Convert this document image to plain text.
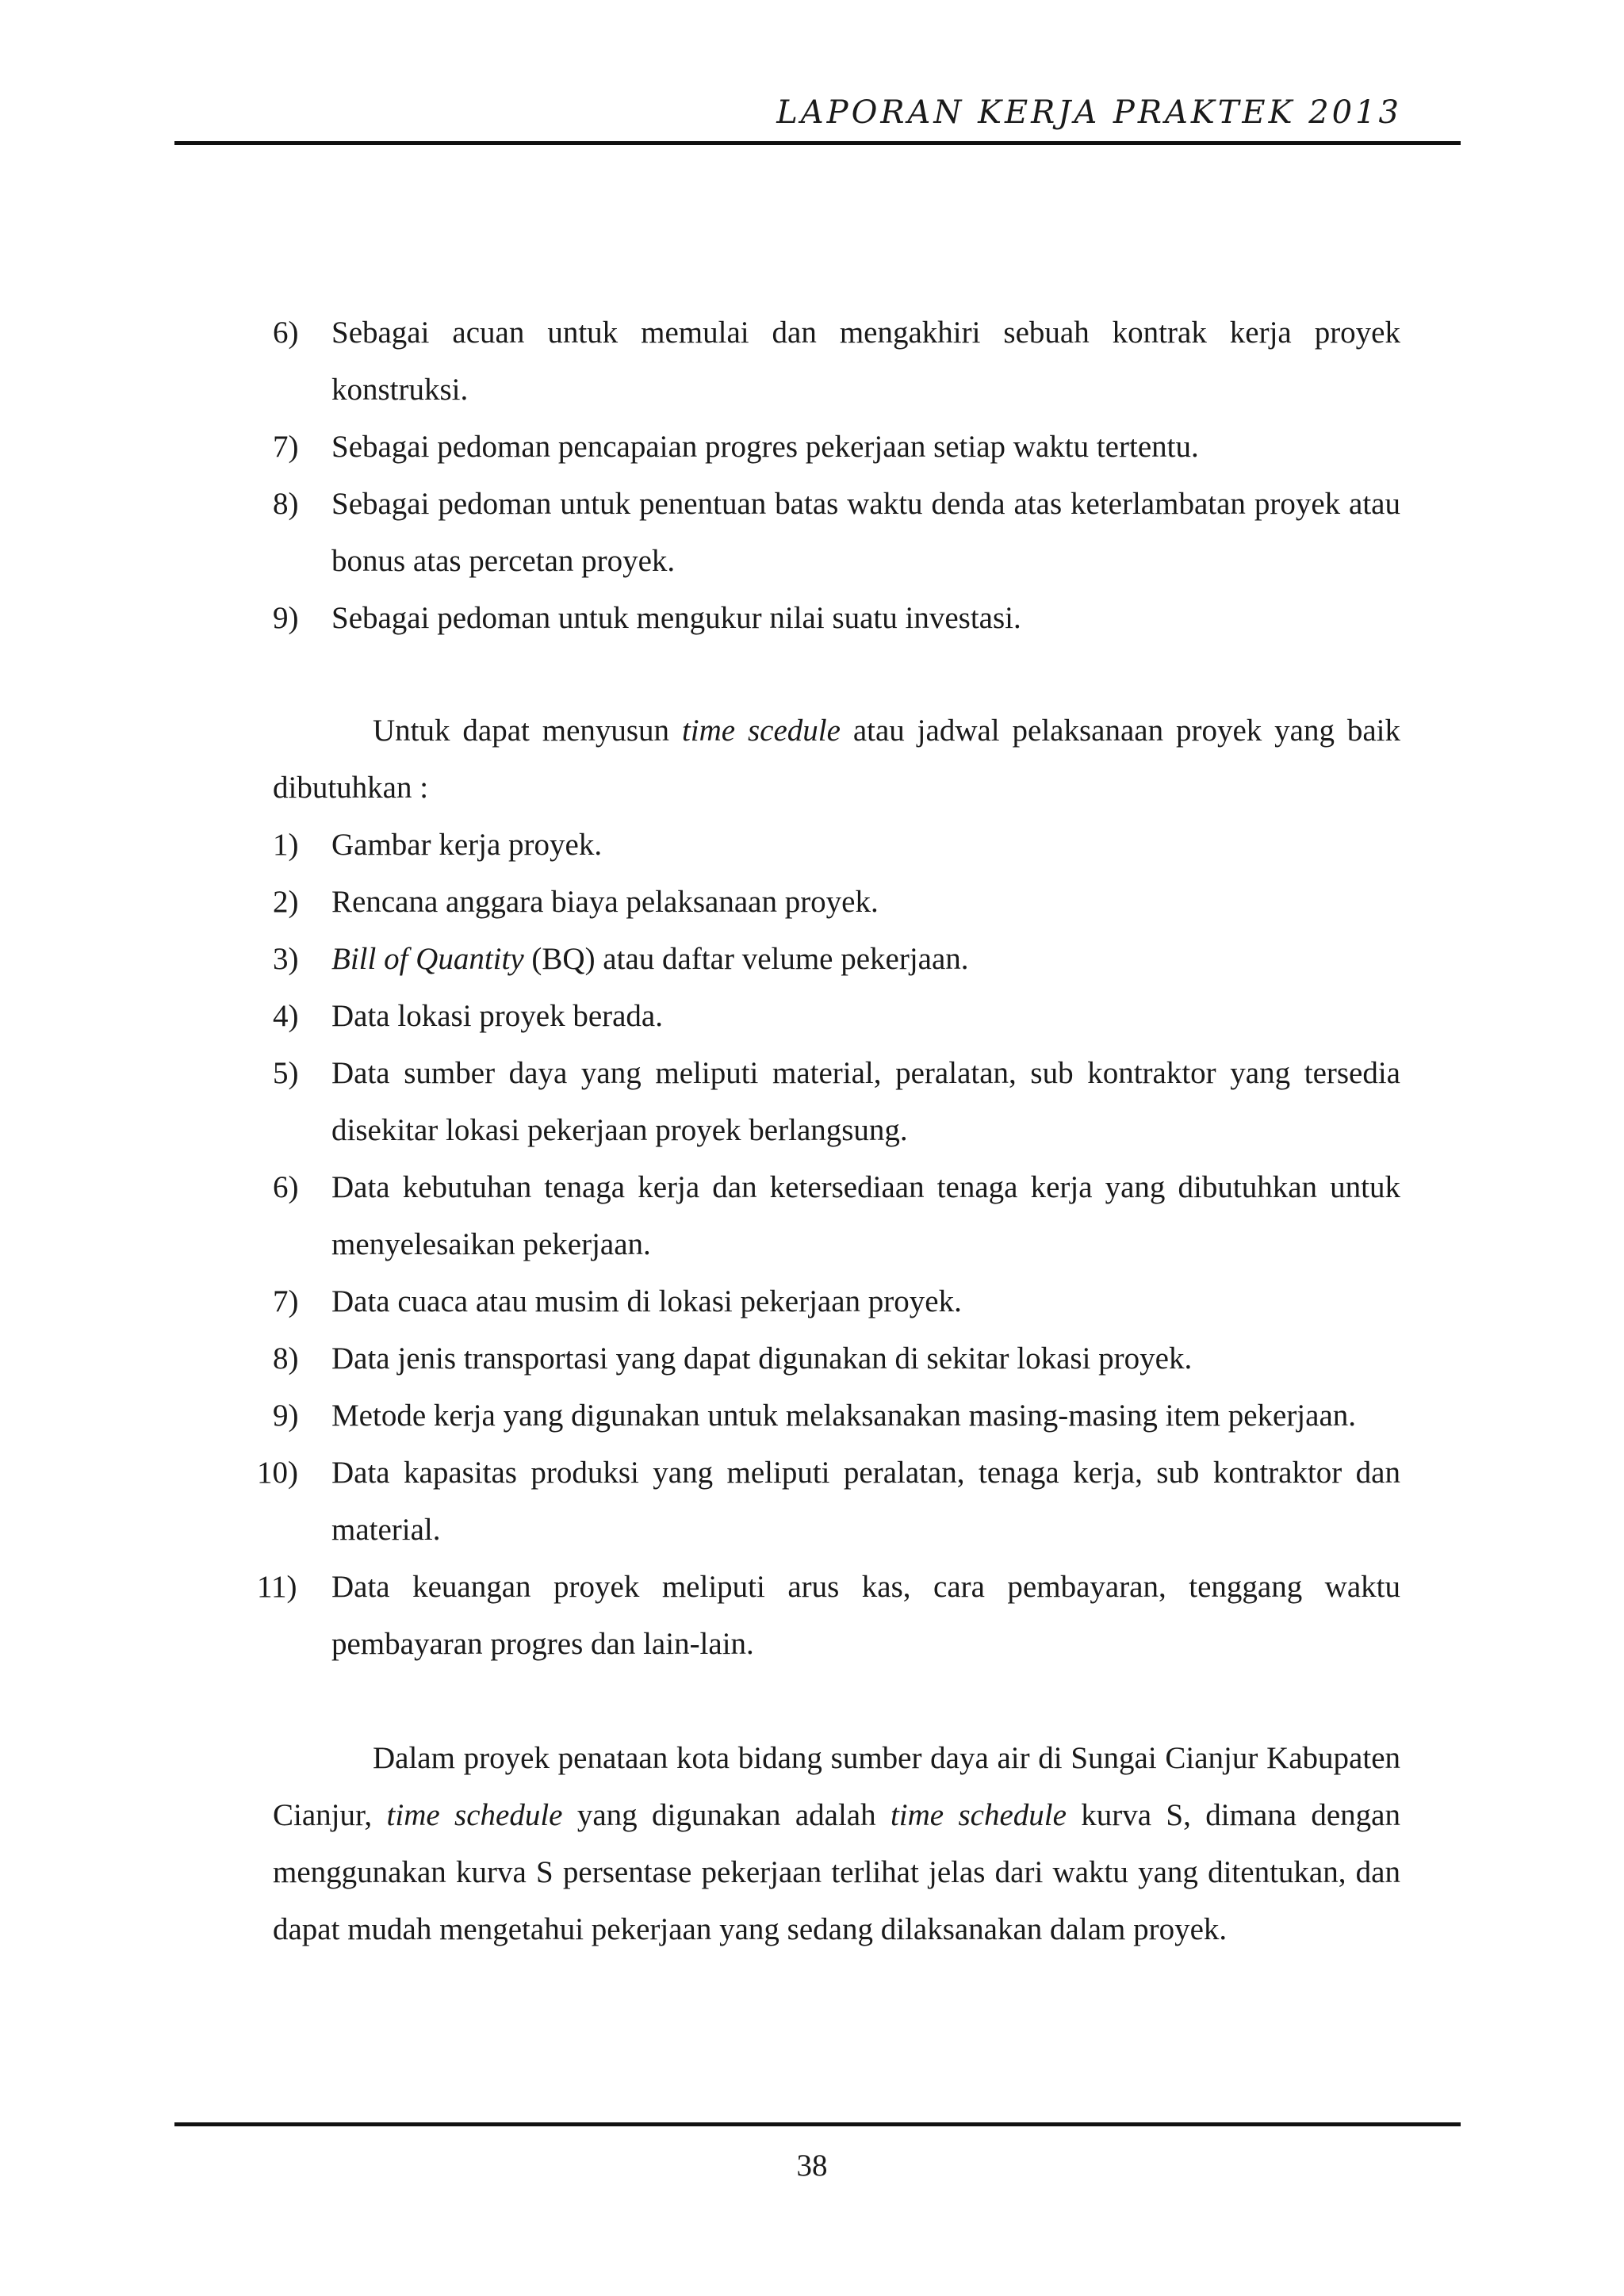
LAPORAN KERJA PRAKTEK 2013
6) Sebagai acuan untuk memulai dan mengakhiri sebuah kontrak kerja proyek konstruksi.
7) Sebagai pedoman pencapaian progres pekerjaan setiap waktu tertentu.
8) Sebagai pedoman untuk penentuan batas waktu denda atas keterlambatan proyek atau bonus atas percetan proyek.
9) Sebagai pedoman untuk mengukur nilai suatu investasi.
Untuk dapat menyusun time scedule atau jadwal pelaksanaan proyek yang baik dibutuhkan :
1) Gambar kerja proyek.
2) Rencana anggara biaya pelaksanaan proyek.
3) Bill of Quantity (BQ) atau daftar velume pekerjaan.
4) Data lokasi proyek berada.
5) Data sumber daya yang meliputi material, peralatan, sub kontraktor yang tersedia disekitar lokasi pekerjaan proyek berlangsung.
6) Data kebutuhan tenaga kerja dan ketersediaan tenaga kerja yang dibutuhkan untuk menyelesaikan pekerjaan.
7) Data cuaca atau musim di lokasi pekerjaan proyek.
8) Data jenis transportasi yang dapat digunakan di sekitar lokasi proyek.
9) Metode kerja yang digunakan untuk melaksanakan masing-masing item pekerjaan.
10) Data kapasitas produksi yang meliputi peralatan, tenaga kerja, sub kontraktor dan material.
11) Data keuangan proyek meliputi arus kas, cara pembayaran, tenggang waktu pembayaran progres dan lain-lain.
Dalam proyek penataan kota bidang sumber daya air di Sungai Cianjur Kabupaten Cianjur, time schedule yang digunakan adalah time schedule kurva S, dimana dengan menggunakan kurva S persentase pekerjaan terlihat jelas dari waktu yang ditentukan, dan dapat mudah mengetahui pekerjaan yang sedang dilaksanakan dalam proyek.
38
